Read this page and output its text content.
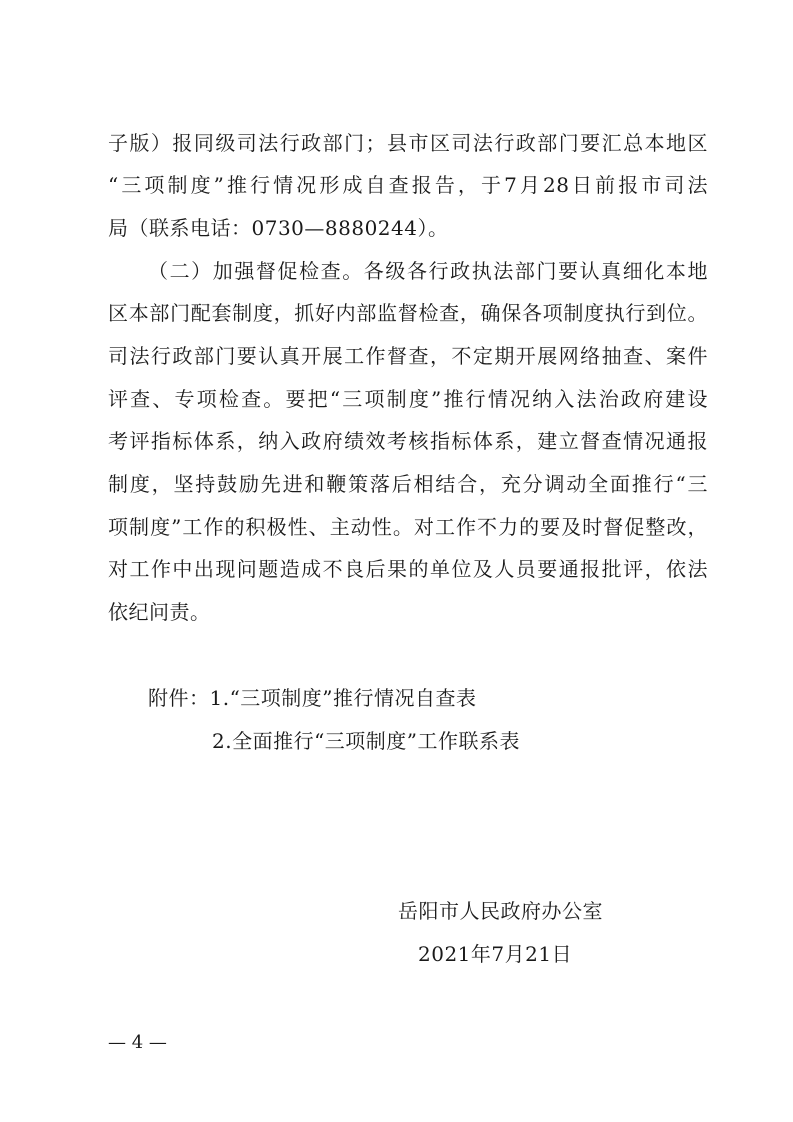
子版）报同级司法行政部门；县市区司法行政部门要汇总本地区
“三项制度”推行情况形成自查报告，于7月28日前报市司法
局（联系电话：0730—8880244）。
（二）加强督促检查。各级各行政执法部门要认真细化本地
区本部门配套制度，抓好内部监督检查，确保各项制度执行到位。
司法行政部门要认真开展工作督查，不定期开展网络抽查、案件
评查、专项检查。要把“三项制度”推行情况纳入法治政府建设
考评指标体系，纳入政府绩效考核指标体系，建立督查情况通报
制度，坚持鼓励先进和鞭策落后相结合，充分调动全面推行“三
项制度”工作的积极性、主动性。对工作不力的要及时督促整改，
对工作中出现问题造成不良后果的单位及人员要通报批评，依法
依纪问责。
附件：1.“三项制度”推行情况自查表
2.全面推行“三项制度”工作联系表
岳阳市人民政府办公室
2021年7月21日
— 4 —
